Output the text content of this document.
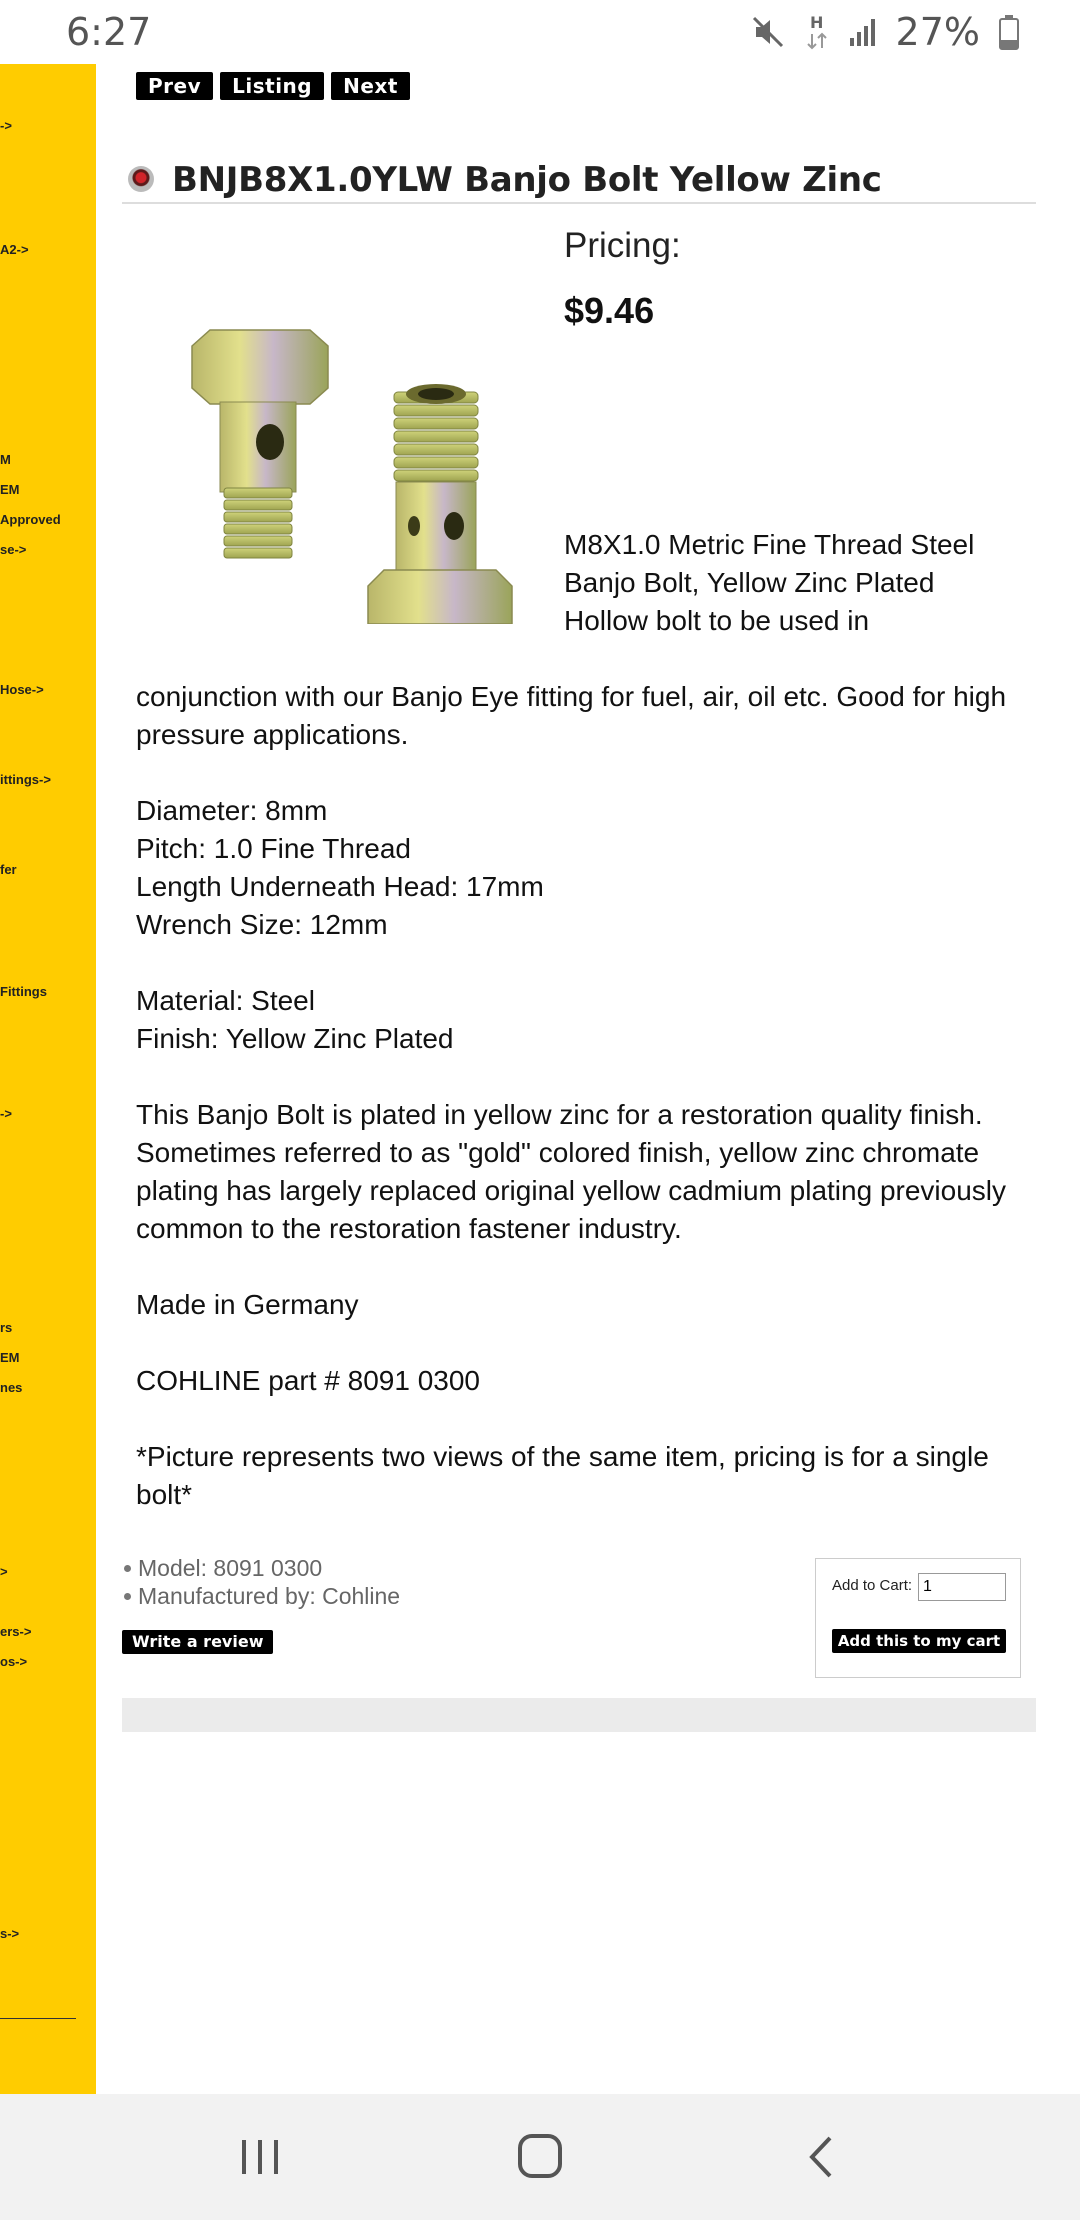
6:27	H 27%
->
A2->
M
EM
Approved
se->
Hose->
ittings->
fer
Fittings
->
rs
EM
nes
>
ers->
os->
s->
Prev	Listing	Next
BNJB8X1.0YLW Banjo Bolt Yellow Zinc
Pricing:
$9.46

M8X1.0 Metric Fine Thread Steel Banjo Bolt, Yellow Zinc Plated

Hollow bolt to be used in

conjunction with our Banjo Eye fitting for fuel, air, oil etc. Good for high pressure applications.

Diameter: 8mm

Pitch: 1.0 Fine Thread

Length Underneath Head: 17mm

Wrench Size: 12mm

Material: Steel

Finish: Yellow Zinc Plated

This Banjo Bolt is plated in yellow zinc for a restoration quality finish. Sometimes referred to as "gold" colored finish, yellow zinc chromate plating has largely replaced original yellow cadmium plating previously common to the restoration fastener industry.

Made in Germany

COHLINE part # 8091 0300

*Picture represents two views of the same item, pricing is for a single bolt*

Model: 8091 0300
Manufactured by: Cohline
Write a review
Add to Cart:
1
Add this to my cart
